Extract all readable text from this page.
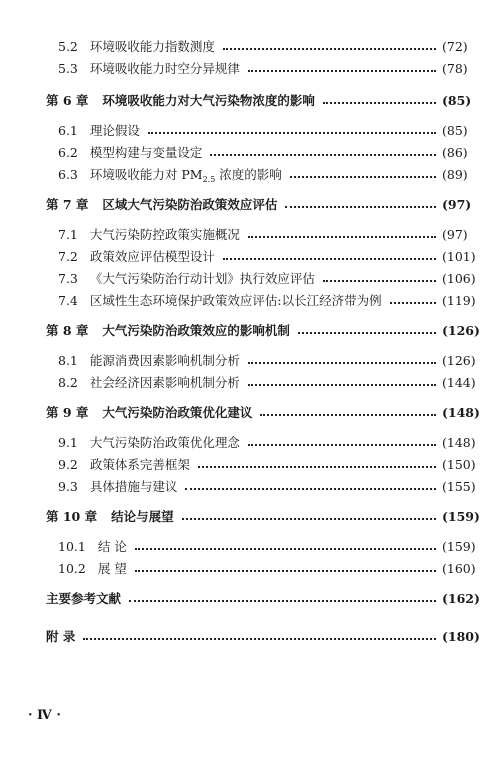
5.2 环境吸收能力指数测度	(72)
5.3 环境吸收能力时空分异规律	(78)
第 6 章 环境吸收能力对大气污染物浓度的影响	(85)
6.1 理论假设	(85)
6.2 模型构建与变量设定	(86)
6.3 环境吸收能力对 $PM_{2.5}$ 浓度的影响	(89)
第 7 章 区域大气污染防治政策效应评估	(97)
7.1 大气污染防控政策实施概况	(97)
7.2 政策效应评估模型设计	(101)
7.3 《大气污染防治行动计划》执行效应评估	(106)
7.4 区域性生态环境保护政策效应评估:以长江经济带为例	(119)
第 8 章 大气污染防治政策效应的影响机制	(126)
8.1 能源消费因素影响机制分析	(126)
8.2 社会经济因素影响机制分析	(144)
第 9 章 大气污染防治政策优化建议	(148)
9.1 大气污染防治政策优化理念	(148)
9.2 政策体系完善框架	(150)
9.3 具体措施与建议	(155)
第 10 章 结论与展望	(159)
10.1 结 论	(159)
10.2 展 望	(160)
主要参考文献	(162)
附 录	(180)
· Ⅳ ·
